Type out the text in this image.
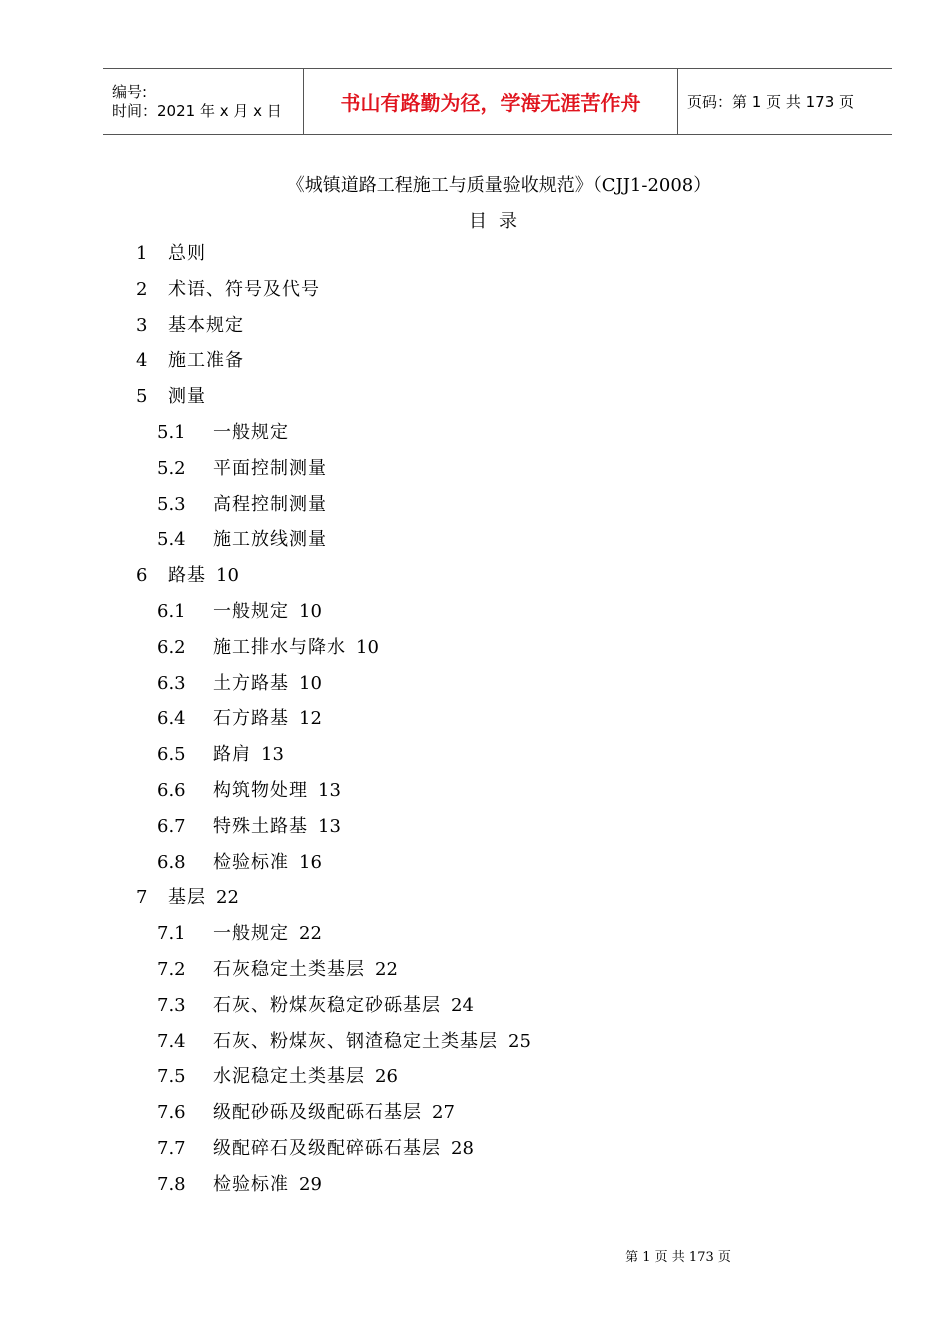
编号:
时间：2021 年 x 月 x 日	书山有路勤为径，学海无涯苦作舟	页码：第 1 页 共 173 页
《城镇道路工程施工与质量验收规范》（CJJ1-2008）
目录
1	总则
2	术语、符号及代号
3	基本规定
4	施工准备
5	测量
5.1	一般规定
5.2	平面控制测量
5.3	高程控制测量
5.4	施工放线测量
6	路基 10
6.1	一般规定 10
6.2	施工排水与降水 10
6.3	土方路基 10
6.4	石方路基 12
6.5	路肩 13
6.6	构筑物处理 13
6.7	特殊土路基 13
6.8	检验标准 16
7	基层 22
7.1	一般规定 22
7.2	石灰稳定土类基层 22
7.3	石灰、粉煤灰稳定砂砾基层 24
7.4	石灰、粉煤灰、钢渣稳定土类基层 25
7.5	水泥稳定土类基层 26
7.6	级配砂砾及级配砾石基层 27
7.7	级配碎石及级配碎砾石基层 28
7.8	检验标准 29
第 1 页 共 173 页
